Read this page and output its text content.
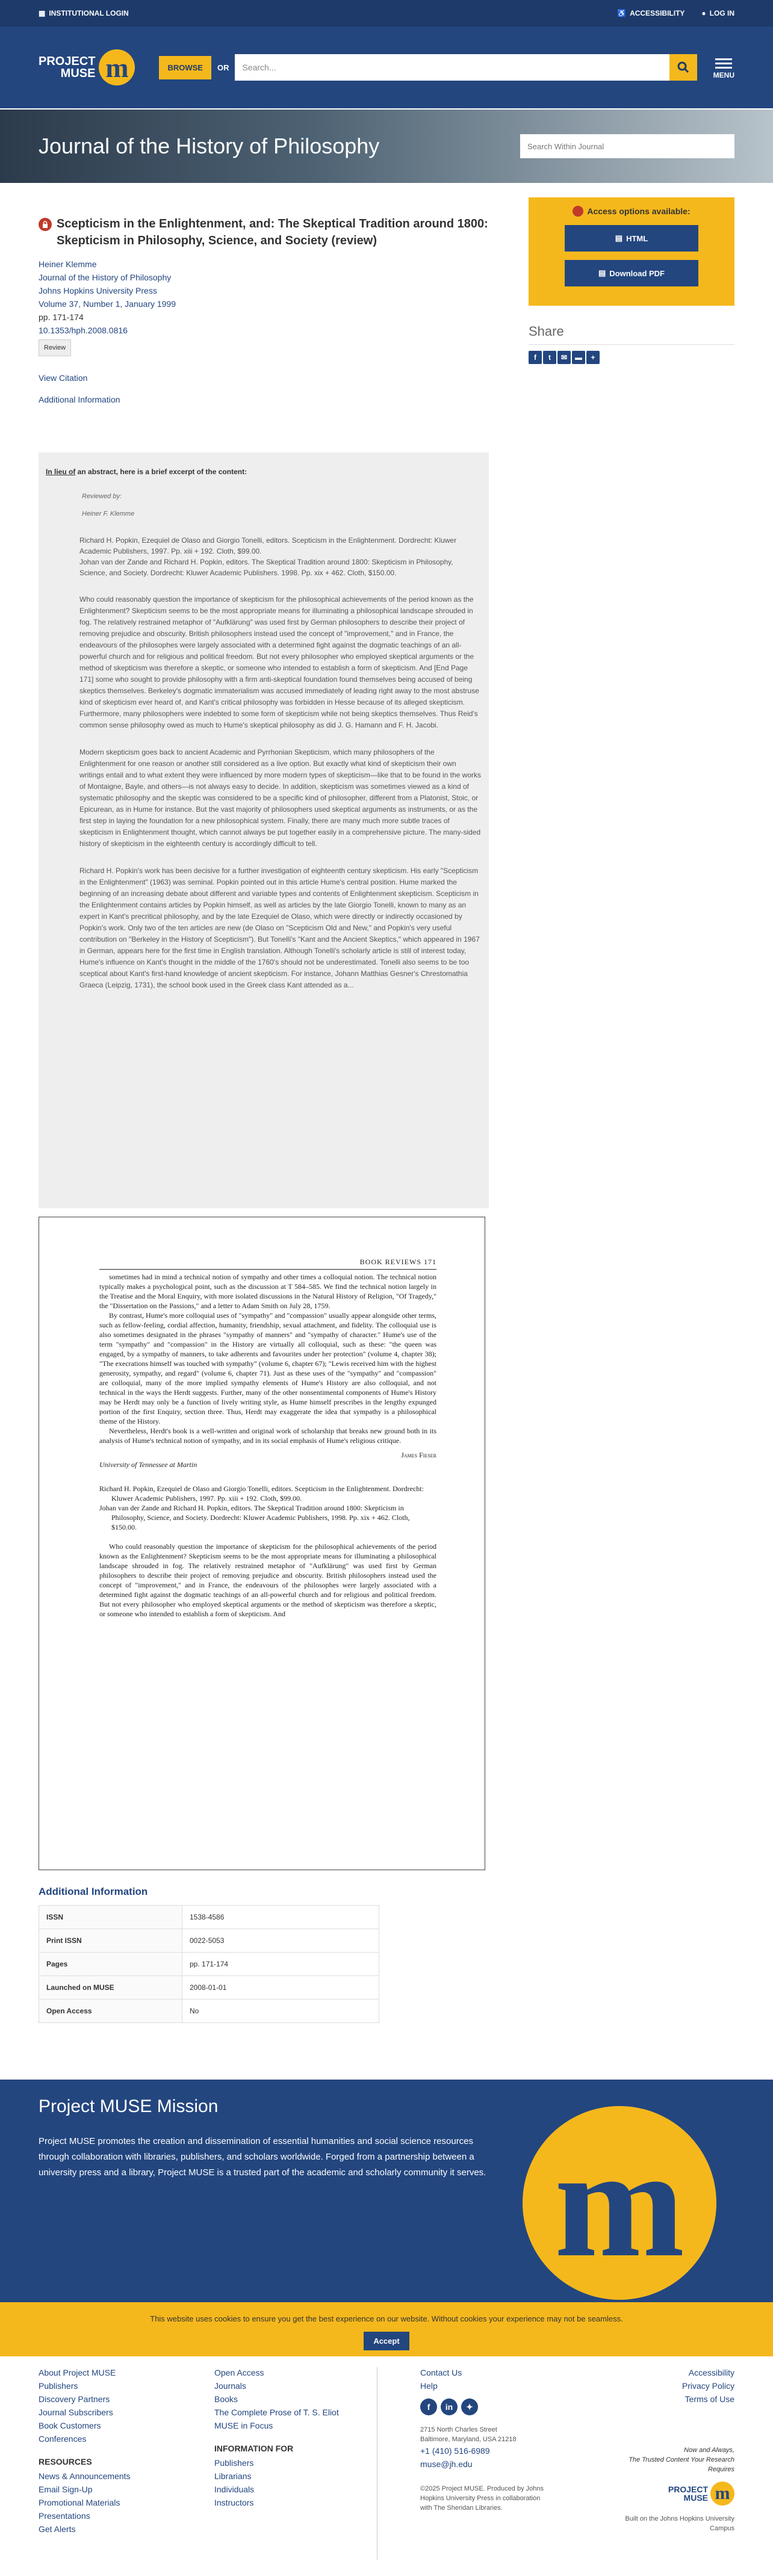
▦ INSTITUTIONAL LOGIN	♿ ACCESSIBILITY ● LOG IN
PROJECT
MUSE m	BROWSE	OR	Search...
MENU
Journal of the History of Philosophy	Search Within Journal
Scepticism in the Enlightenment, and: The Skeptical Tradition around 1800: Skepticism in Philosophy, Science, and Society (review)
Heiner Klemme
Journal of the History of Philosophy
Johns Hopkins University Press
Volume 37, Number 1, January 1999
pp. 171-174
10.1353/hph.2008.0816
Review
View Citation
Additional Information
In lieu of an abstract, here is a brief excerpt of the content:
Reviewed by:
Heiner F. Klemme
Richard H. Popkin, Ezequiel de Olaso and Giorgio Tonelli, editors. Scepticism in the Enlightenment. Dordrecht: Kluwer Academic Publishers, 1997. Pp. xiii + 192. Cloth, $99.00.
Johan van der Zande and Richard H. Popkin, editors. The Skeptical Tradition around 1800: Skepticism in Philosophy, Science, and Society. Dordrecht: Kluwer Academic Publishers. 1998. Pp. xix + 462. Cloth, $150.00.

Who could reasonably question the importance of skepticism for the philosophical achievements of the period known as the Enlightenment? Skepticism seems to be the most appropriate means for illuminating a philosophical landscape shrouded in fog. The relatively restrained metaphor of "Aufklärung" was used first by German philosophers to describe their project of removing prejudice and obscurity. British philosophers instead used the concept of "improvement," and in France, the endeavours of the philosophes were largely associated with a determined fight against the dogmatic teachings of an all-powerful church and for religious and political freedom. But not every philosopher who employed skeptical arguments or the method of skepticism was therefore a skeptic, or someone who intended to establish a form of skepticism. And [End Page 171] some who sought to provide philosophy with a firm anti-skeptical foundation found themselves being accused of being skeptics themselves. Berkeley's dogmatic immaterialism was accused immediately of leading right away to the most abstruse kind of skepticism ever heard of, and Kant's critical philosophy was forbidden in Hesse because of its alleged skepticism. Furthermore, many philosophers were indebted to some form of skepticism while not being skeptics themselves. Thus Reid's common sense philosophy owed as much to Hume's skeptical philosophy as did J. G. Hamann and F. H. Jacobi.

Modern skepticism goes back to ancient Academic and Pyrrhonian Skepticism, which many philosophers of the Enlightenment for one reason or another still considered as a live option. But exactly what kind of skepticism their own writings entail and to what extent they were influenced by more modern types of skepticism—like that to be found in the works of Montaigne, Bayle, and others—is not always easy to decide. In addition, skepticism was sometimes viewed as a kind of systematic philosophy and the skeptic was considered to be a specific kind of philosopher, different from a Platonist, Stoic, or Epicurean, as in Hume for instance. But the vast majority of philosophers used skeptical arguments as instruments, or as the first step in laying the foundation for a new philosophical system. Finally, there are many much more subtle traces of skepticism in Enlightenment thought, which cannot always be put together easily in a comprehensive picture. The many-sided history of skepticism in the eighteenth century is accordingly difficult to tell.

Richard H. Popkin's work has been decisive for a further investigation of eighteenth century skepticism. His early "Scepticism in the Enlightenment" (1963) was seminal. Popkin pointed out in this article Hume's central position. Hume marked the beginning of an increasing debate about different and variable types and contents of Enlightenment skepticism. Scepticism in the Enlightenment contains articles by Popkin himself, as well as articles by the late Giorgio Tonelli, known to many as an expert in Kant's precritical philosophy, and by the late Ezequiel de Olaso, which were directly or indirectly occasioned by Popkin's work. Only two of the ten articles are new (de Olaso on "Scepticism Old and New," and Popkin's very useful contribution on "Berkeley in the History of Scepticism"). But Tonelli's "Kant and the Ancient Skeptics," which appeared in 1967 in German, appears here for the first time in English translation. Although Tonelli's scholarly article is still of interest today, Hume's influence on Kant's thought in the middle of the 1760's should not be underestimated. Tonelli also seems to be too sceptical about Kant's first-hand knowledge of ancient skepticism. For instance, Johann Matthias Gesner's Chrestomathia Graeca (Leipzig, 1731), the school book used in the Greek class Kant attended as a...

BOOK REVIEWS 171

sometimes had in mind a technical notion of sympathy and other times a colloquial notion. The technical notion typically makes a psychological point, such as the discussion at T 584–585. We find the technical notion largely in the Treatise and the Moral Enquiry, with more isolated discussions in the Natural History of Religion, "Of Tragedy," the "Dissertation on the Passions," and a letter to Adam Smith on July 28, 1759.

By contrast, Hume's more colloquial uses of "sympathy" and "compassion" usually appear alongside other terms, such as fellow-feeling, cordial affection, humanity, friendship, sexual attachment, and fidelity. The colloquial use is also sometimes designated in the phrases "sympathy of manners" and "sympathy of character." Hume's use of the term "sympathy" and "compassion" in the History are virtually all colloquial, such as these: "the queen was engaged, by a sympathy of manners, to take adherents and favourites under her protection" (volume 4, chapter 38); "The execrations himself was touched with sympathy" (volume 6, chapter 67); "Lewis received him with the highest generosity, sympathy, and regard" (volume 6, chapter 71). Just as these uses of the "sympathy" and "compassion" are colloquial, many of the more implied sympathy elements of Hume's History are also colloquial, and not technical in the ways the Herdt suggests. Further, many of the other nonsentimental components of Hume's History may be Herdt may only be a function of lively writing style, as Hume himself prescribes in the lengthy expunged portion of the first Enquiry, section three. Thus, Herdt may exaggerate the idea that sympathy is a philosophical theme of the History.

Nevertheless, Herdt's book is a well-written and original work of scholarship that breaks new ground both in its analysis of Hume's technical notion of sympathy, and in its social emphasis of Hume's religious critique.

James Fieser
University of Tennessee at Martin
Richard H. Popkin, Ezequiel de Olaso and Giorgio Tonelli, editors. Scepticism in the Enlightenment. Dordrecht: Kluwer Academic Publishers, 1997. Pp. xiii + 192. Cloth, $99.00.
Johan van der Zande and Richard H. Popkin, editors. The Skeptical Tradition around 1800: Skepticism in Philosophy, Science, and Society. Dordrecht: Kluwer Academic Publishers, 1998. Pp. xix + 462. Cloth, $150.00.

Who could reasonably question the importance of skepticism for the philosophical achievements of the period known as the Enlightenment? Skepticism seems to be the most appropriate means for illuminating a philosophical landscape shrouded in fog. The relatively restrained metaphor of "Aufklärung" was used first by German philosophers to describe their project of removing prejudice and obscurity. British philosophers instead used the concept of "improvement," and in France, the endeavours of the philosophes were largely associated with a determined fight against the dogmatic teachings of an all-powerful church and for religious and political freedom. But not every philosopher who employed skeptical arguments or the method of skepticism was therefore a skeptic, or someone who intended to establish a form of skepticism. And

Additional Information
ISSN	1538-4586
Print ISSN	0022-5053
Pages	pp. 171-174
Launched on MUSE	2008-01-01
Open Access	No
Access options available:
▤ HTML
▤ Download PDF
Share
f	t	✉	▬	+
Project MUSE Mission

Project MUSE promotes the creation and dissemination of essential humanities and social science resources through collaboration with libraries, publishers, and scholars worldwide. Forged from a partnership between a university press and a library, Project MUSE is a trusted part of the academic and scholarly community it serves. m
This website uses cookies to ensure you get the best experience on our website. Without cookies your experience may not be seamless.
Accept
About Project MUSE
Publishers
Discovery Partners
Journal Subscribers
Book Customers
Conferences
RESOURCES
News & Announcements
Email Sign-Up
Promotional Materials
Presentations
Get Alerts
Open Access
Journals
Books
The Complete Prose of T. S. Eliot
MUSE in Focus
INFORMATION FOR
Publishers
Librarians
Individuals
Instructors
Contact Us
Help
f	in	✦
2715 North Charles Street
Baltimore, Maryland, USA 21218
+1 (410) 516-6989
muse@jh.edu
©2025 Project MUSE. Produced by Johns Hopkins University Press in collaboration with The Sheridan Libraries.
Accessibility
Privacy Policy
Terms of Use
Now and Always,
The Trusted Content Your Research Requires
PROJECT
MUSE m
Built on the Johns Hopkins University Campus
